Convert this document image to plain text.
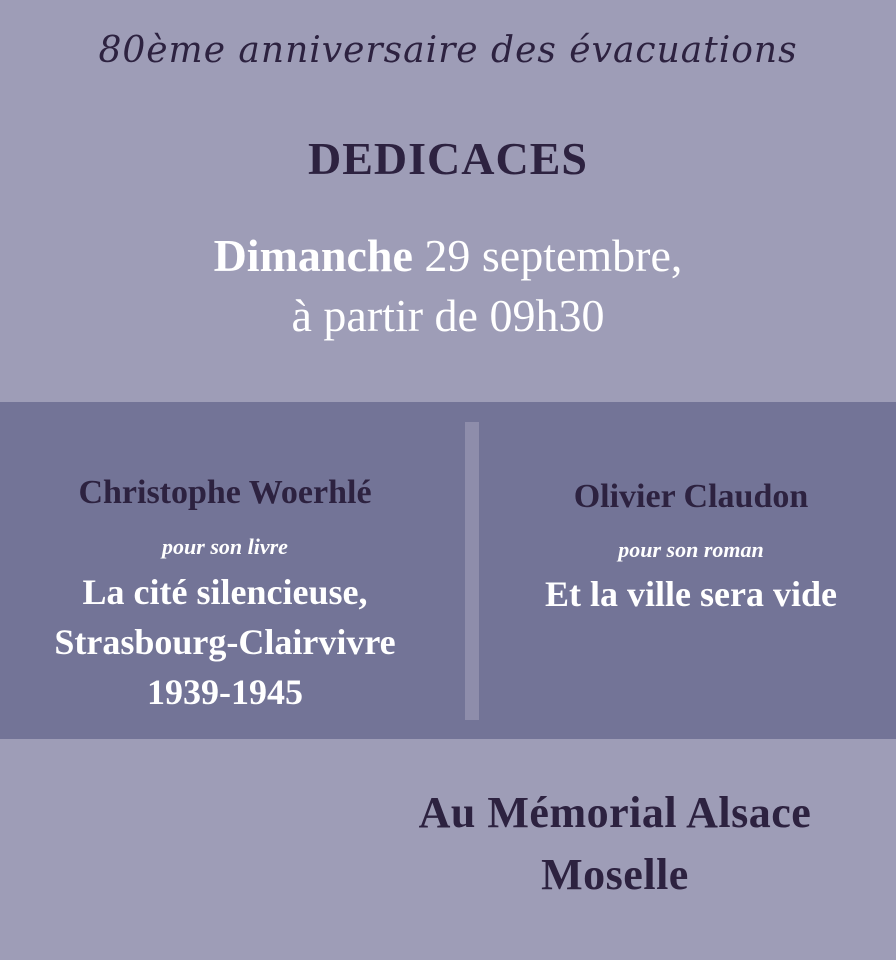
80ème anniversaire des évacuations
DEDICACES
Dimanche 29 septembre,
à partir de 09h30
Christophe Woerhlé
pour son livre
La cité silencieuse,
Strasbourg-Clairvivre
1939-1945
Olivier Claudon
pour son roman
Et la ville sera vide
Au Mémorial Alsace
Moselle
